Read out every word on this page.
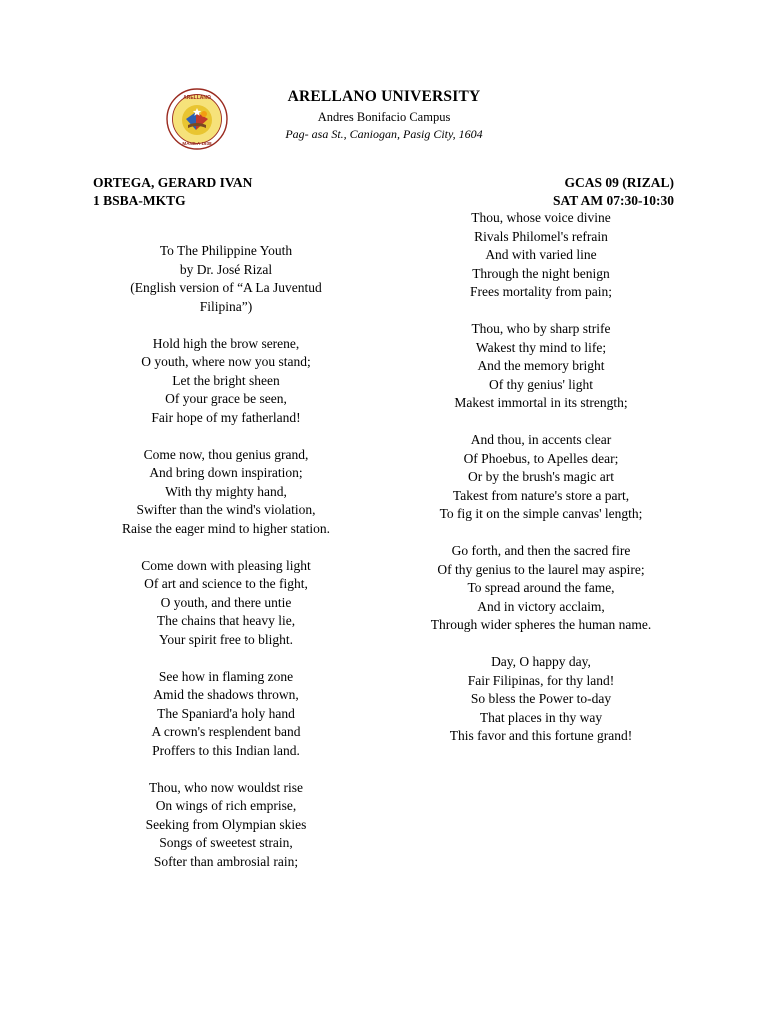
ARELLANO
MANILA 1938
ARELLANO UNIVERSITY
Andres Bonifacio Campus
Pag- asa St., Caniogan, Pasig City, 1604
ORTEGA, GERARD IVAN
1 BSBA-MKTG
GCAS 09 (RIZAL)
SAT AM 07:30-10:30
To The Philippine Youth
by Dr. José Rizal
(English version of “A La Juventud
Filipina”)
Hold high the brow serene,
O youth, where now you stand;
Let the bright sheen
Of your grace be seen,
Fair hope of my fatherland!
Come now, thou genius grand,
And bring down inspiration;
With thy mighty hand,
Swifter than the wind's violation,
Raise the eager mind to higher station.
Come down with pleasing light
Of art and science to the fight,
O youth, and there untie
The chains that heavy lie,
Your spirit free to blight.
See how in flaming zone
Amid the shadows thrown,
The Spaniard'a holy hand
A crown's resplendent band
Proffers to this Indian land.
Thou, who now wouldst rise
On wings of rich emprise,
Seeking from Olympian skies
Songs of sweetest strain,
Softer than ambrosial rain;
Thou, whose voice divine
Rivals Philomel's refrain
And with varied line
Through the night benign
Frees mortality from pain;
Thou, who by sharp strife
Wakest thy mind to life;
And the memory bright
Of thy genius' light
Makest immortal in its strength;
And thou, in accents clear
Of Phoebus, to Apelles dear;
Or by the brush's magic art
Takest from nature's store a part,
To fig it on the simple canvas' length;
Go forth, and then the sacred fire
Of thy genius to the laurel may aspire;
To spread around the fame,
And in victory acclaim,
Through wider spheres the human name.
Day, O happy day,
Fair Filipinas, for thy land!
So bless the Power to-day
That places in thy way
This favor and this fortune grand!
